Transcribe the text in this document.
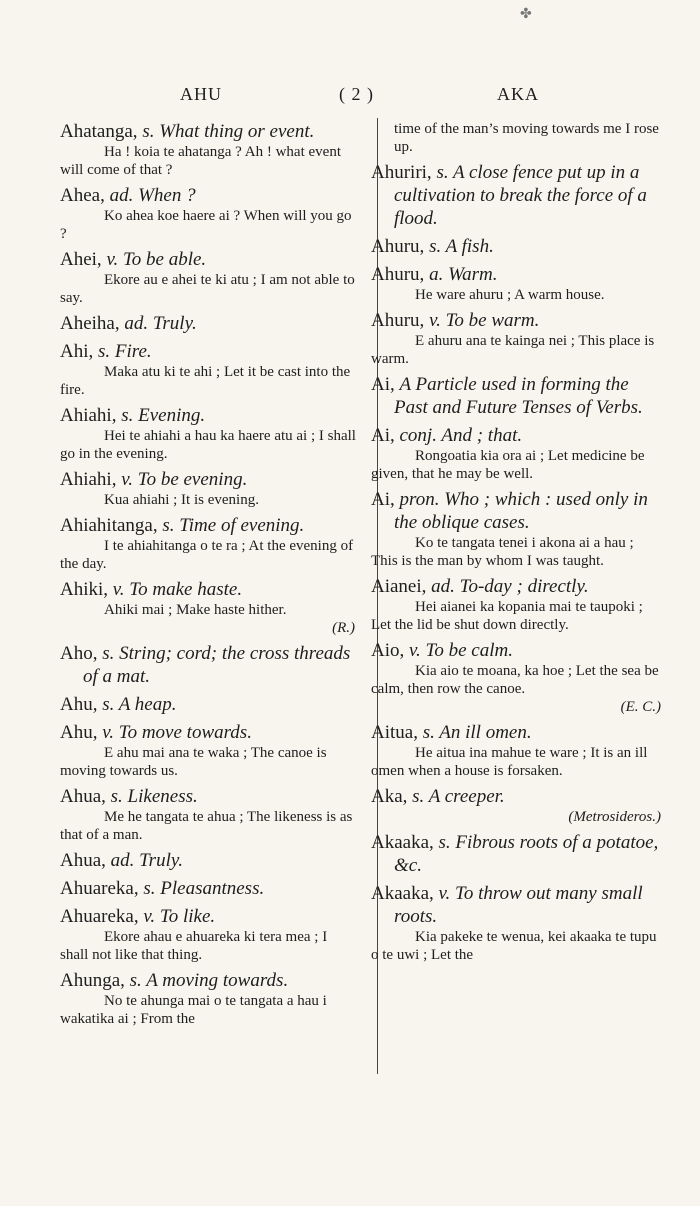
✤
AHU	( 2 )	AKA
Ahatanga, s. What thing or event.
Ha ! koia te ahatanga ? Ah ! what event will come of that ?
Ahea, ad. When ?
Ko ahea koe haere ai ? When will you go ?
Ahei, v. To be able.
Ekore au e ahei te ki atu ; I am not able to say.
Aheiha, ad. Truly.
Ahi, s. Fire.
Maka atu ki te ahi ; Let it be cast into the fire.
Ahiahi, s. Evening.
Hei te ahiahi a hau ka haere atu ai ; I shall go in the evening.
Ahiahi, v. To be evening.
Kua ahiahi ; It is evening.
Ahiahitanga, s. Time of evening.
I te ahiahitanga o te ra ; At the evening of the day.
Ahiki, v. To make haste.
Ahiki mai ; Make haste hither.
(R.)
Aho, s. String; cord; the cross threads of a mat.
Ahu, s. A heap.
Ahu, v. To move towards.
E ahu mai ana te waka ; The canoe is moving towards us.
Ahua, s. Likeness.
Me he tangata te ahua ; The likeness is as that of a man.
Ahua, ad. Truly.
Ahuareka, s. Pleasantness.
Ahuareka, v. To like.
Ekore ahau e ahuareka ki tera mea ; I shall not like that thing.
Ahunga, s. A moving towards.
No te ahunga mai o te tangata a hau i wakatika ai ; From the
time of the man’s moving towards me I rose up.
Ahuriri, s. A close fence put up in a cultivation to break the force of a flood.
Ahuru, s. A fish.
Ahuru, a. Warm.
He ware ahuru ; A warm house.
Ahuru, v. To be warm.
E ahuru ana te kainga nei ; This place is warm.
Ai, A Particle used in forming the Past and Future Tenses of Verbs.
Ai, conj. And ; that.
Rongoatia kia ora ai ; Let medicine be given, that he may be well.
Ai, pron. Who ; which : used only in the oblique cases.
Ko te tangata tenei i akona ai a hau ; This is the man by whom I was taught.
Aianei, ad. To-day ; directly.
Hei aianei ka kopania mai te taupoki ; Let the lid be shut down directly.
Aio, v. To be calm.
Kia aio te moana, ka hoe ; Let the sea be calm, then row the canoe.
(E. C.)
Aitua, s. An ill omen.
He aitua ina mahue te ware ; It is an ill omen when a house is forsaken.
Aka, s. A creeper.
(Metrosideros.)
Akaaka, s. Fibrous roots of a potatoe, &c.
Akaaka, v. To throw out many small roots.
Kia pakeke te wenua, kei akaaka te tupu o te uwi ; Let the
